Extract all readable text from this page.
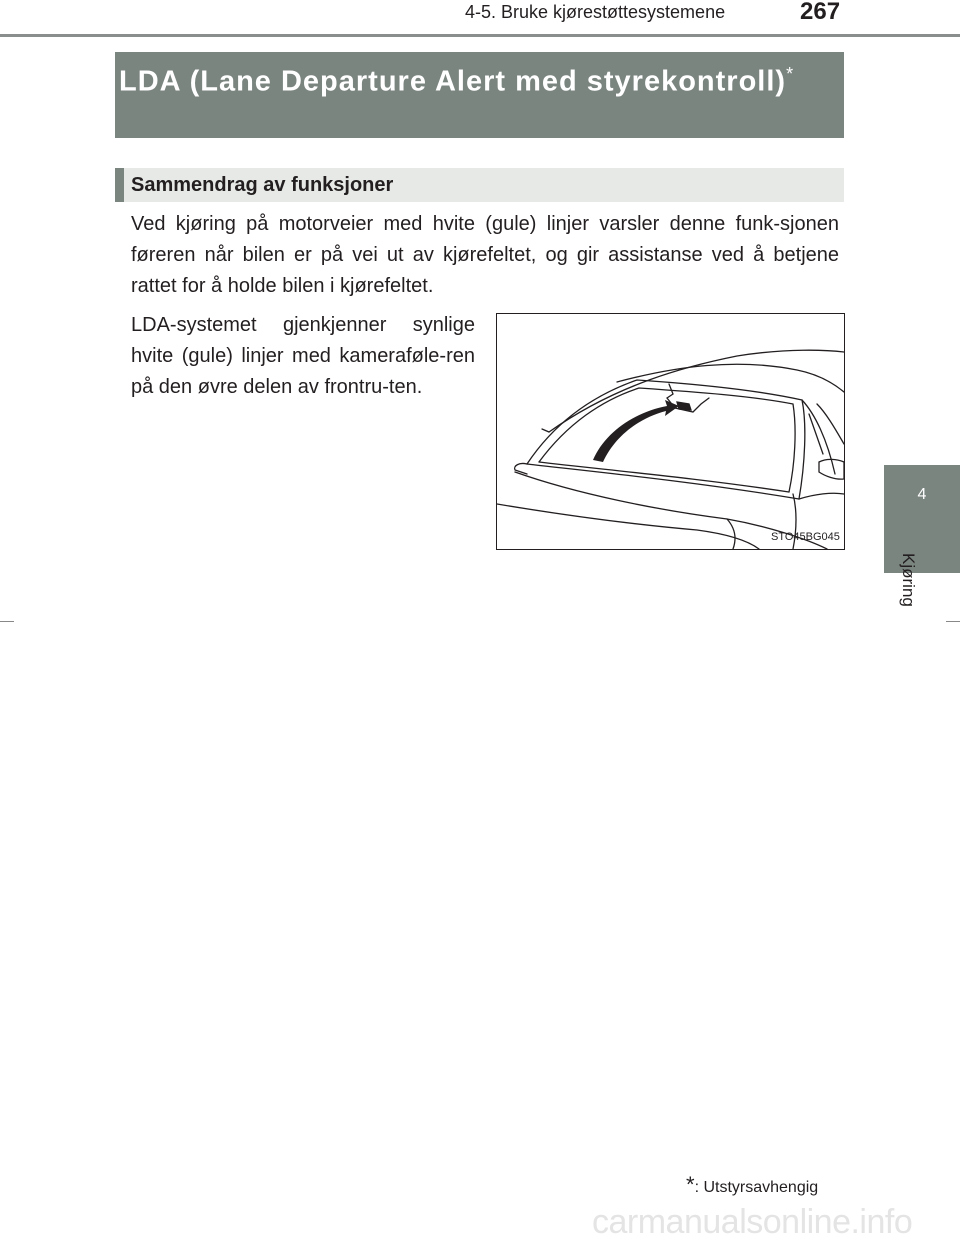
4-5. Bruke kjørestøttesystemene	267
4
Kjøring
LDA (Lane Departure Alert med styrekontroll)*
Sammendrag av funksjoner

Ved kjøring på motorveier med hvite (gule) linjer varsler denne funk-sjonen føreren når bilen er på vei ut av kjørefeltet, og gir assistanse ved å betjene rattet for å holde bilen i kjørefeltet.

LDA-systemet gjenkjenner synlige hvite (gule) linjer med kamerafølе-ren på den øvre delen av frontru-ten.

STO45BG045
*: Utstyrsavhengig
carmanualsonline.info
